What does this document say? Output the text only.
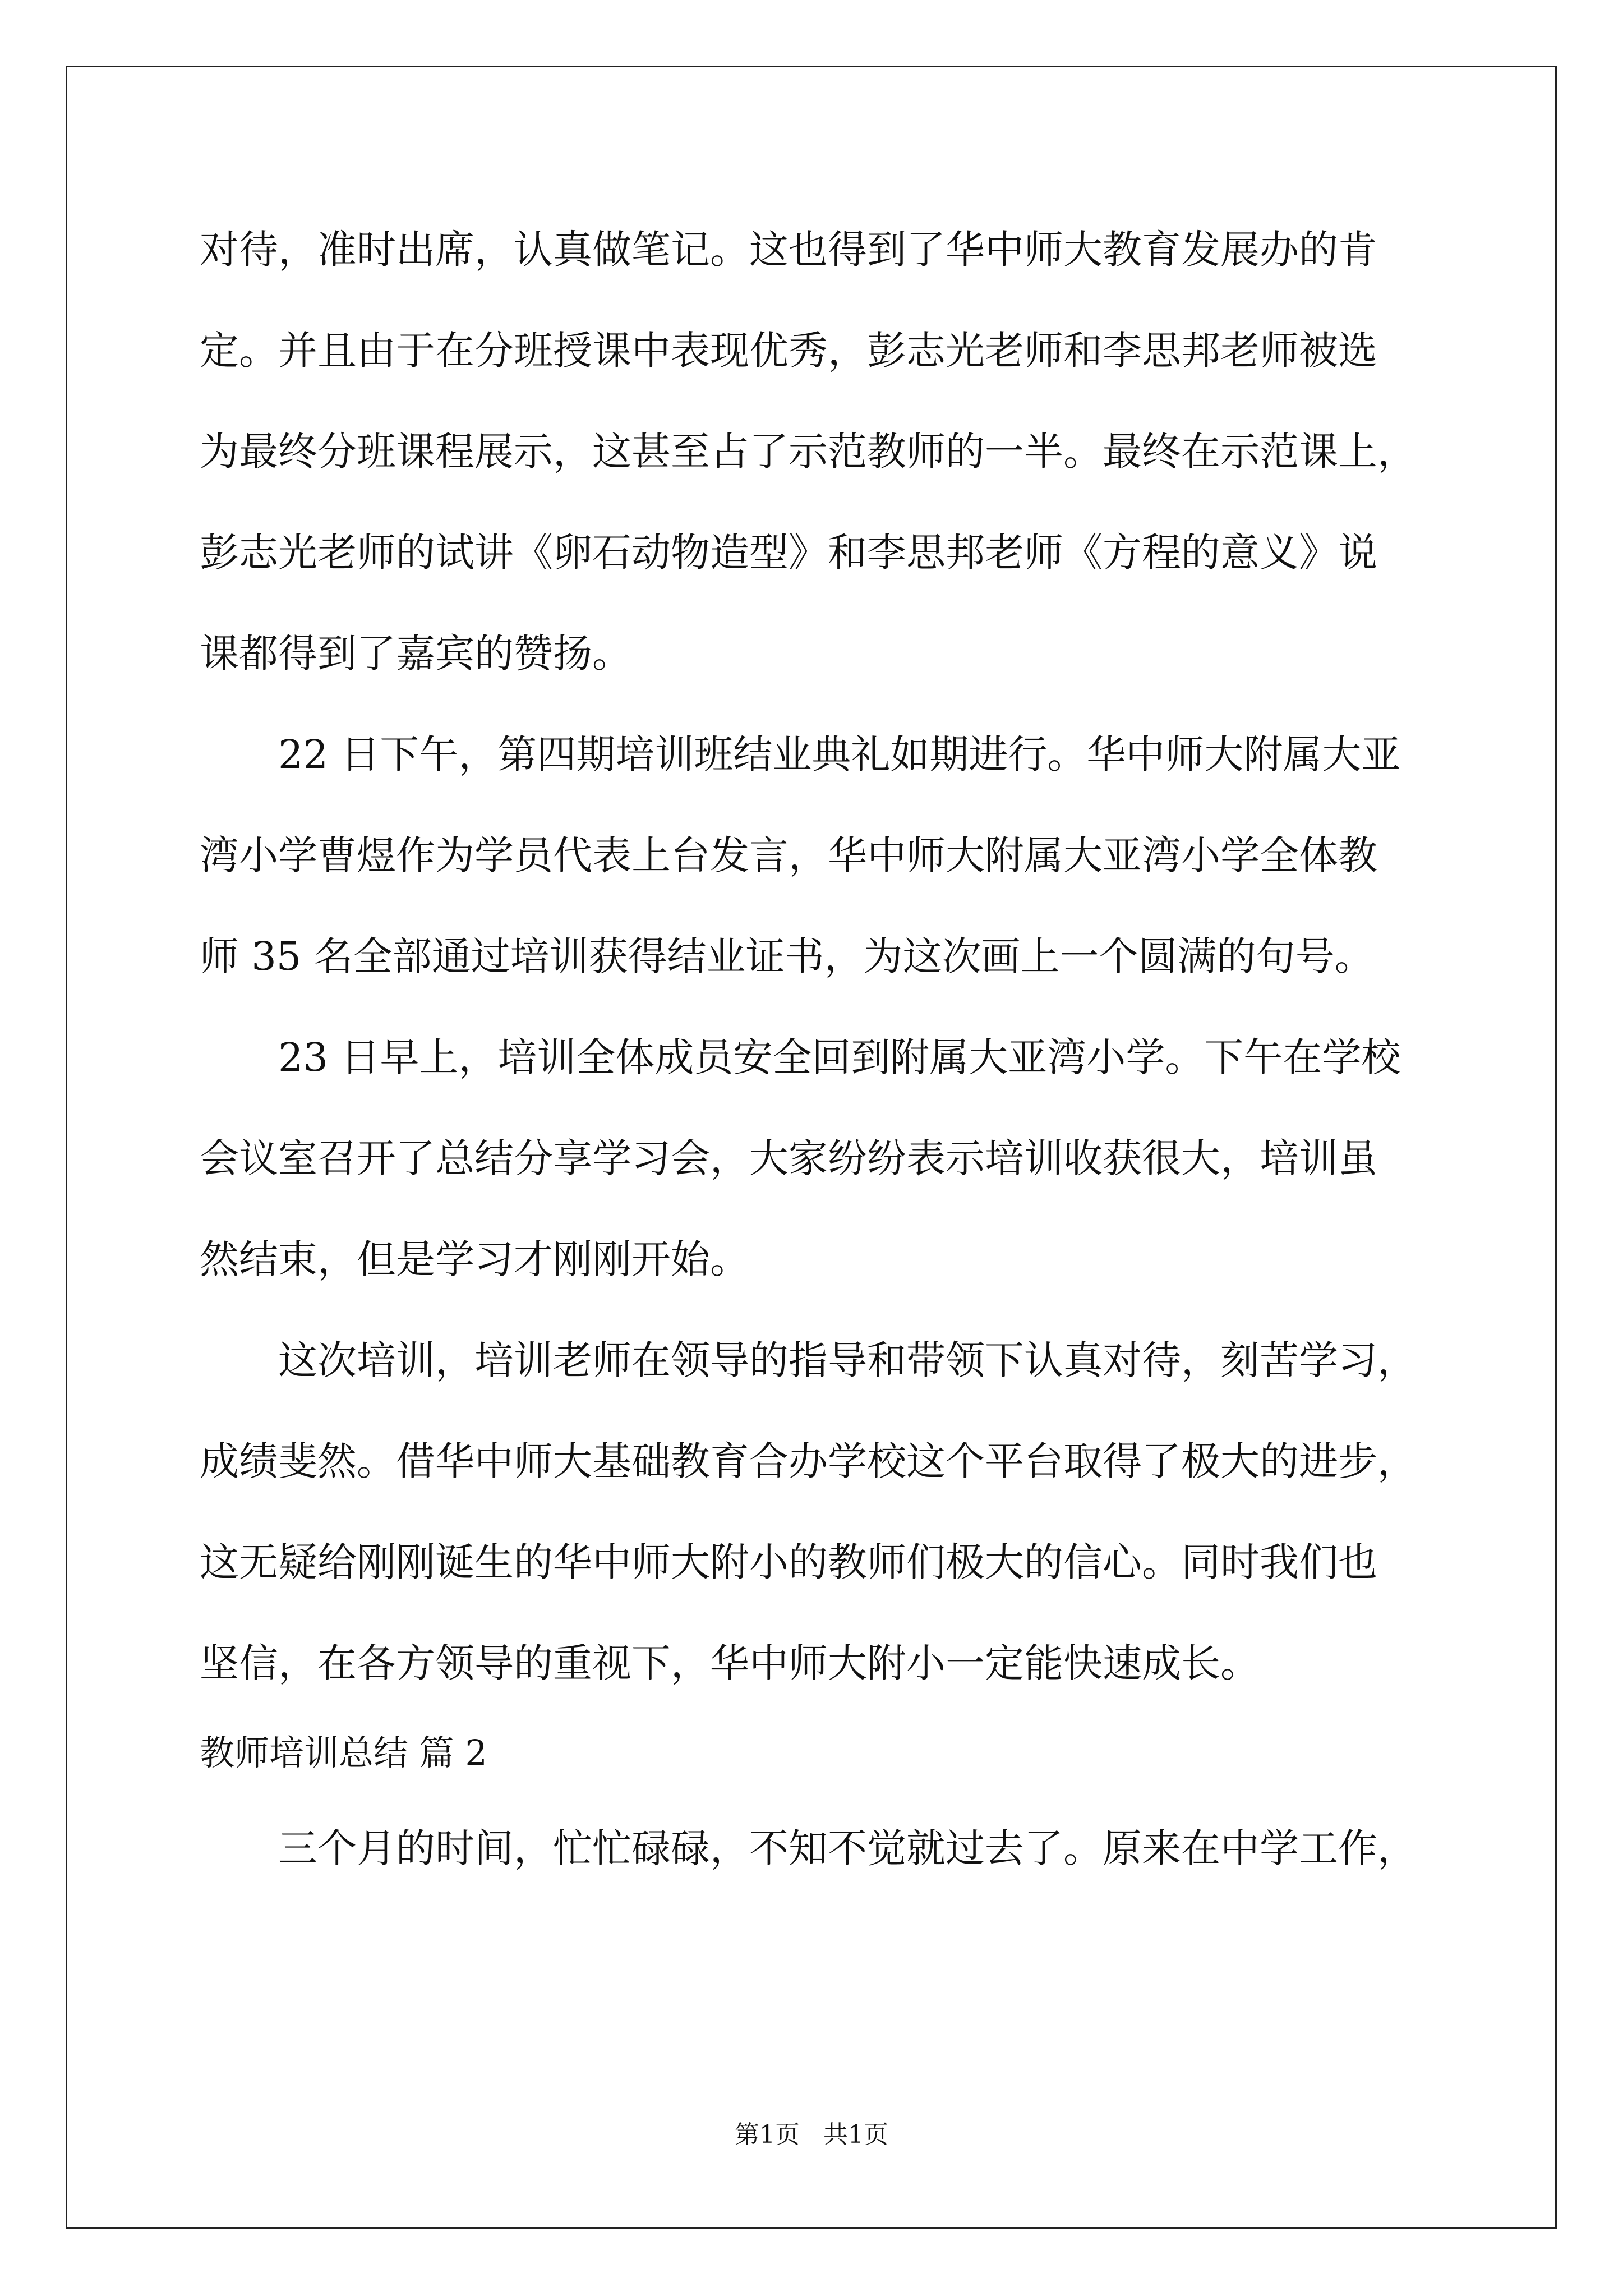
对待，准时出席，认真做笔记。这也得到了华中师大教育发展办的肯
定。并且由于在分班授课中表现优秀，彭志光老师和李思邦老师被选
为最终分班课程展示，这甚至占了示范教师的一半。最终在示范课上，
彭志光老师的试讲《卵石动物造型》和李思邦老师《方程的意义》说
课都得到了嘉宾的赞扬。
22 日下午，第四期培训班结业典礼如期进行。华中师大附属大亚
湾小学曹煜作为学员代表上台发言，华中师大附属大亚湾小学全体教
师 35 名全部通过培训获得结业证书，为这次画上一个圆满的句号。
23 日早上，培训全体成员安全回到附属大亚湾小学。下午在学校
会议室召开了总结分享学习会，大家纷纷表示培训收获很大，培训虽
然结束，但是学习才刚刚开始。
这次培训，培训老师在领导的指导和带领下认真对待，刻苦学习，
成绩斐然。借华中师大基础教育合办学校这个平台取得了极大的进步，
这无疑给刚刚诞生的华中师大附小的教师们极大的信心。同时我们也
坚信，在各方领导的重视下，华中师大附小一定能快速成长。
教师培训总结 篇 2
三个月的时间，忙忙碌碌，不知不觉就过去了。原来在中学工作，
第1页   共1页
